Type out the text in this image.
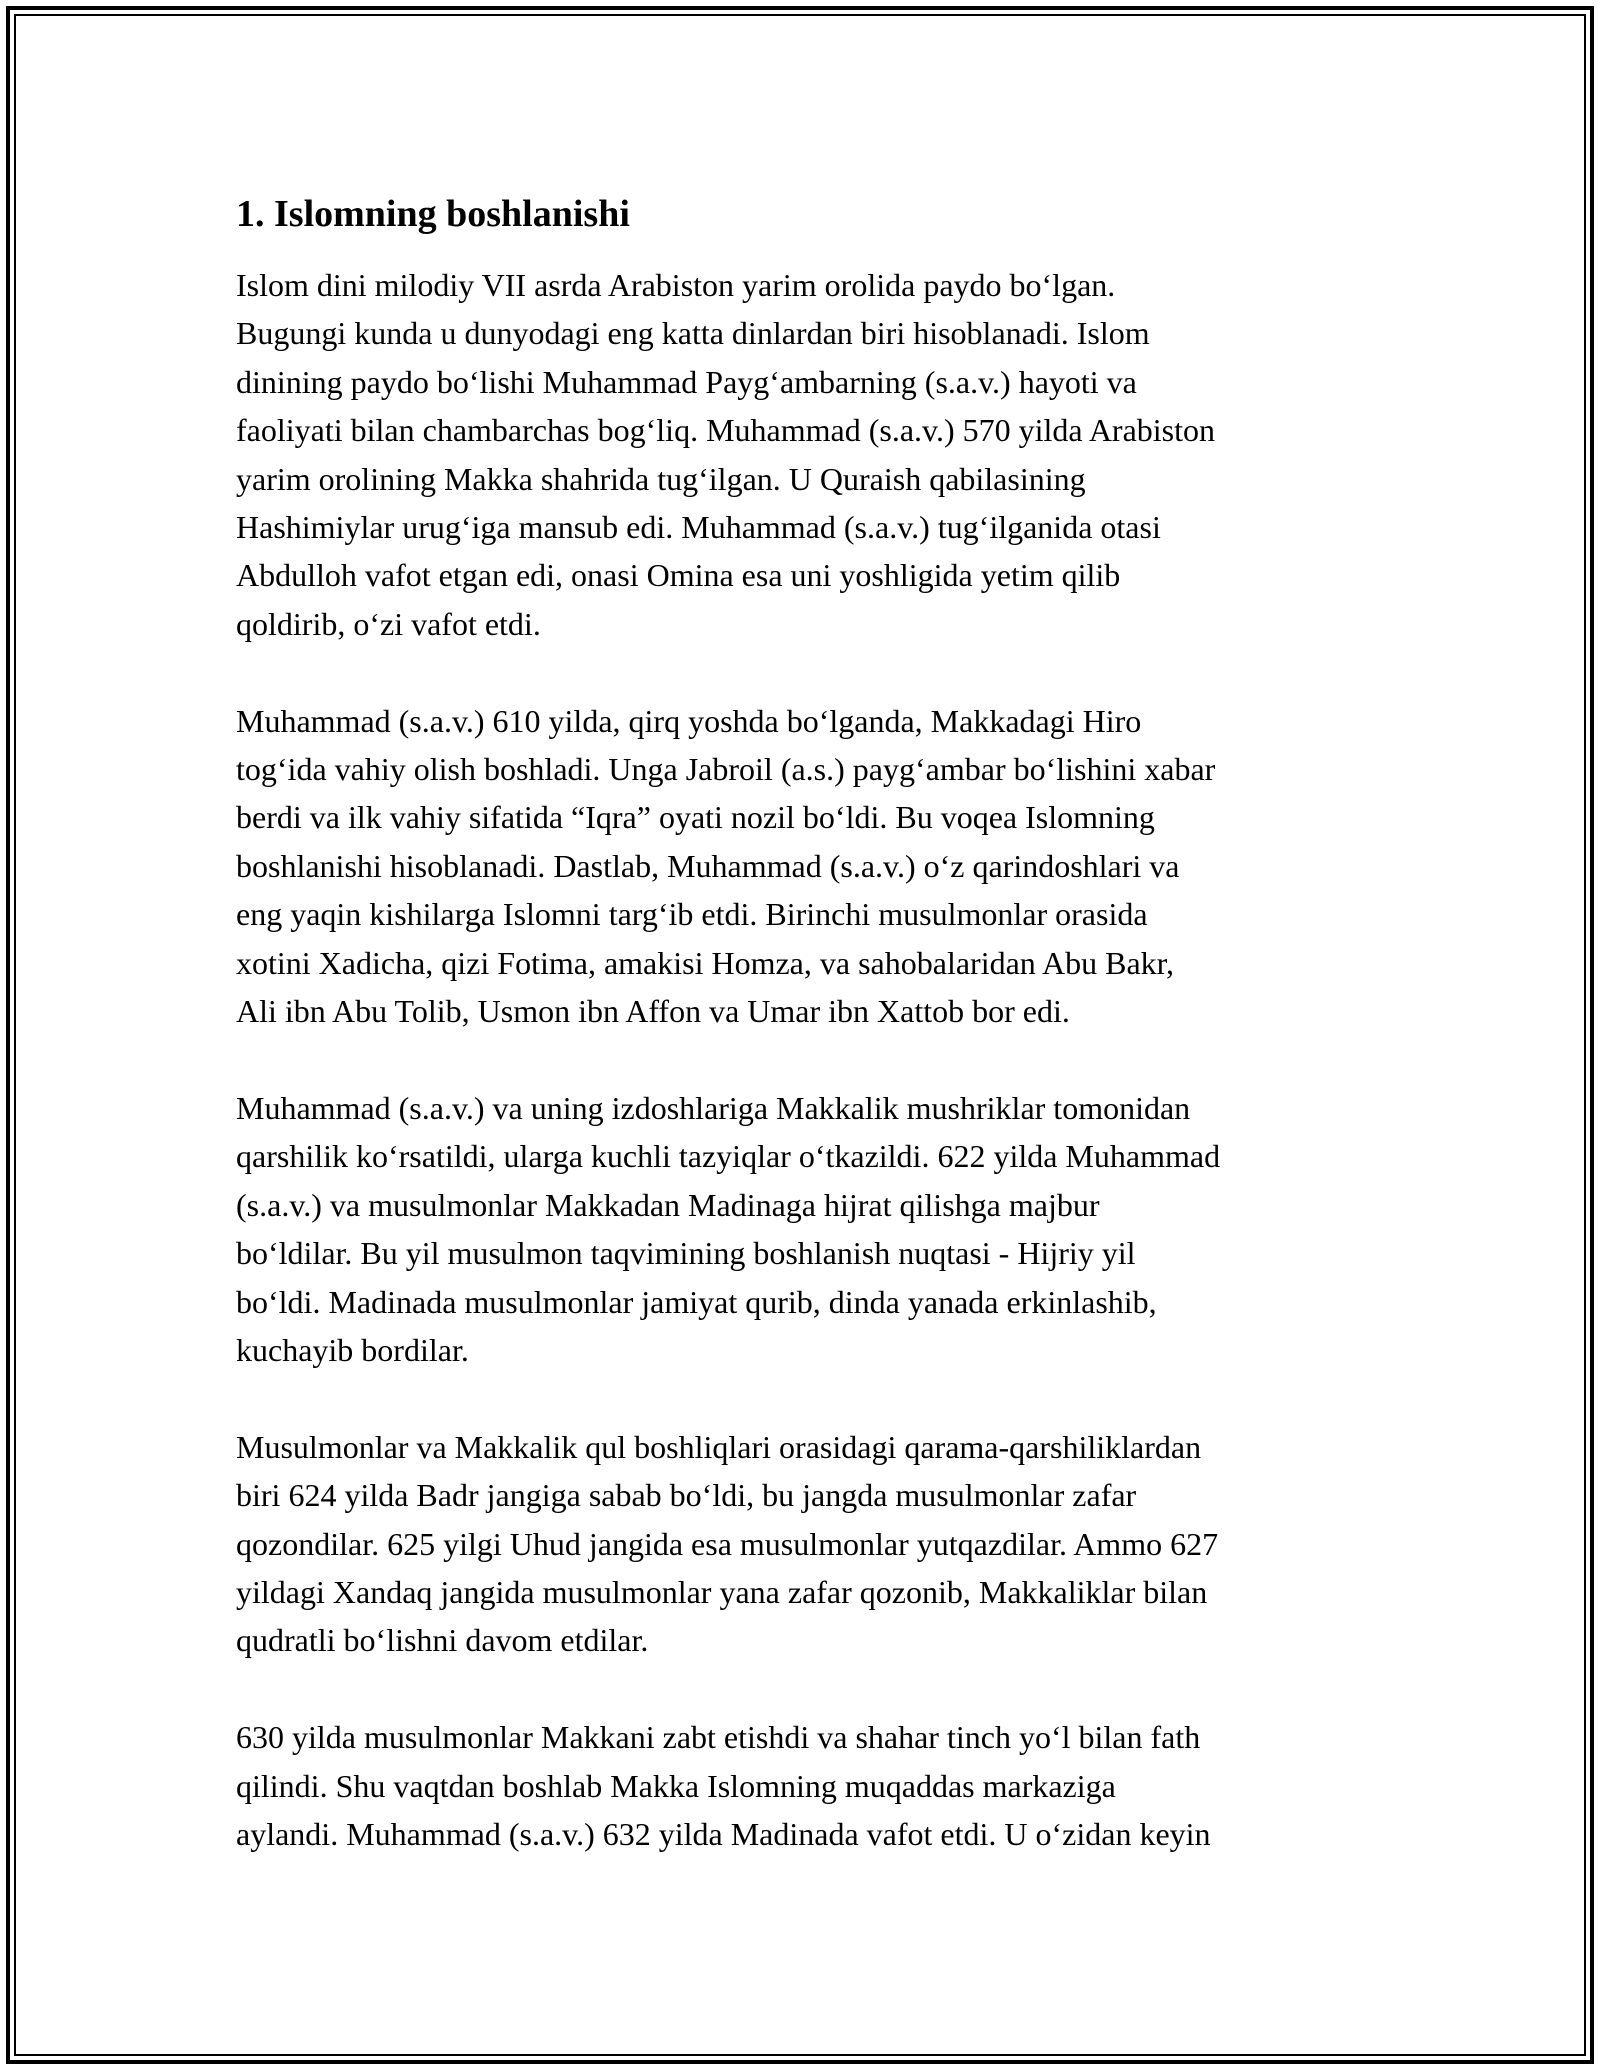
1. Islomning boshlanishi

Islom dini milodiy VII asrda Arabiston yarim orolida paydo bo‘lgan.
Bugungi kunda u dunyodagi eng katta dinlardan biri hisoblanadi. Islom
dinining paydo bo‘lishi Muhammad Payg‘ambarning (s.a.v.) hayoti va
faoliyati bilan chambarchas bog‘liq. Muhammad (s.a.v.) 570 yilda Arabiston
yarim orolining Makka shahrida tug‘ilgan. U Quraish qabilasining
Hashimiylar urug‘iga mansub edi. Muhammad (s.a.v.) tug‘ilganida otasi
Abdulloh vafot etgan edi, onasi Omina esa uni yoshligida yetim qilib
qoldirib, o‘zi vafot etdi.

Muhammad (s.a.v.) 610 yilda, qirq yoshda bo‘lganda, Makkadagi Hiro
tog‘ida vahiy olish boshladi. Unga Jabroil (a.s.) payg‘ambar bo‘lishini xabar
berdi va ilk vahiy sifatida “Iqra” oyati nozil bo‘ldi. Bu voqea Islomning
boshlanishi hisoblanadi. Dastlab, Muhammad (s.a.v.) o‘z qarindoshlari va
eng yaqin kishilarga Islomni targ‘ib etdi. Birinchi musulmonlar orasida
xotini Xadicha, qizi Fotima, amakisi Homza, va sahobalaridan Abu Bakr,
Ali ibn Abu Tolib, Usmon ibn Affon va Umar ibn Xattob bor edi.

Muhammad (s.a.v.) va uning izdoshlariga Makkalik mushriklar tomonidan
qarshilik ko‘rsatildi, ularga kuchli tazyiqlar o‘tkazildi. 622 yilda Muhammad
(s.a.v.) va musulmonlar Makkadan Madinaga hijrat qilishga majbur
bo‘ldilar. Bu yil musulmon taqvimining boshlanish nuqtasi - Hijriy yil
bo‘ldi. Madinada musulmonlar jamiyat qurib, dinda yanada erkinlashib,
kuchayib bordilar.

Musulmonlar va Makkalik qul boshliqlari orasidagi qarama-qarshiliklardan
biri 624 yilda Badr jangiga sabab bo‘ldi, bu jangda musulmonlar zafar
qozondilar. 625 yilgi Uhud jangida esa musulmonlar yutqazdilar. Ammo 627
yildagi Xandaq jangida musulmonlar yana zafar qozonib, Makkaliklar bilan
qudratli bo‘lishni davom etdilar.

630 yilda musulmonlar Makkani zabt etishdi va shahar tinch yo‘l bilan fath
qilindi. Shu vaqtdan boshlab Makka Islomning muqaddas markaziga
aylandi. Muhammad (s.a.v.) 632 yilda Madinada vafot etdi. U o‘zidan keyin
